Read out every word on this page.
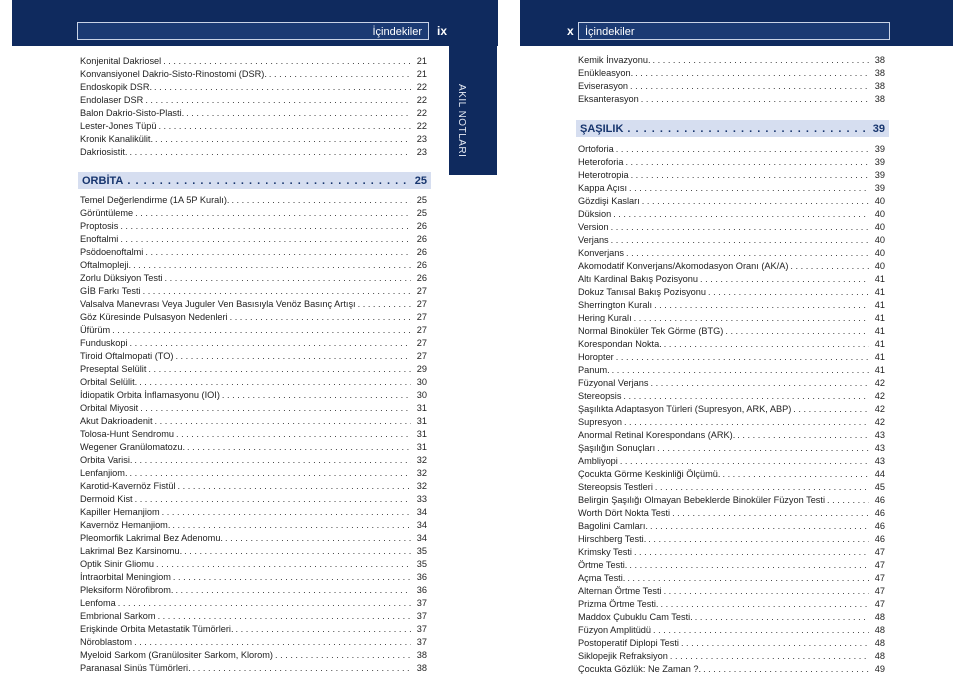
İçindekiler	ix
AKIL NOTLARI
Konjenital Dakriosel . . .	21
Konvansiyonel Dakrio-Sisto-Rinostomi (DSR). . . .	21
Endoskopik DSR. . . .	22
Endolaser DSR . . .	22
Balon Dakrio-Sisto-Plasti. . . .	22
Lester-Jones Tüpü . . .	22
Kronik Kanalikülit. . . .	23
Dakriosistit. . . .	23
ORBİTA . . .	25
Temel Değerlendirme (1A 5P Kuralı). . . .	25
Görüntüleme . . .	25
Proptosis . . .	26
Enoftalmi . . .	26
Psödoenoftalmi . . .	26
Oftalmopleji. . . .	26
Zorlu Düksiyon Testi . . .	26
GİB Farkı Testi . . .	27
Valsalva Manevrası Veya Juguler Ven Basısıyla Venöz Basınç Artışı . . .	27
Göz Küresinde Pulsasyon Nedenleri . . .	27
Üfürüm . . .	27
Funduskopi . . .	27
Tiroid Oftalmopati (TO) . . .	27
Preseptal Selülit . . .	29
Orbital Selülit. . . .	30
İdiopatik Orbita İnflamasyonu (IOI) . . .	30
Orbital Miyosit . . .	31
Akut Dakrioadenit . . .	31
Tolosa-Hunt Sendromu . . .	31
Wegener Granülomatozu. . . .	31
Orbita Varisi. . . .	32
Lenfanjiom. . . .	32
Karotid-Kavernöz Fistül . . .	32
Dermoid Kist . . .	33
Kapiller Hemanjiom . . .	34
Kavernöz Hemanjiom. . . .	34
Pleomorfik Lakrimal Bez Adenomu. . . .	34
Lakrimal Bez Karsinomu. . . .	35
Optik Sinir Gliomu . . .	35
İntraorbital Meningiom . . .	36
Pleksiform Nörofibrom. . . .	36
Lenfoma . . .	37
Embrional Sarkom . . .	37
Erişkinde Orbita Metastatik Tümörleri. . . .	37
Nöroblastom . . .	37
Myeloid Sarkom (Granülositer Sarkom, Klorom) . . .	38
Paranasal Sinüs Tümörleri. . . .	38
x	İçindekiler
Kemik İnvazyonu. . . .	38
Enükleasyon. . . .	38
Eviserasyon . . .	38
Eksanterasyon . . .	38
ŞAŞILIK . . .	39
Ortoforia . . .	39
Heteroforia . . .	39
Heterotropia . . .	39
Kappa Açısı . . .	39
Gözdişi Kasları . . .	40
Düksion . . .	40
Version . . .	40
Verjans . . .	40
Konverjans . . .	40
Akomodatif Konverjans/Akomodasyon Oranı (AK/A) . . .	40
Altı Kardinal Bakış Pozisyonu . . .	41
Dokuz Tanısal Bakış Pozisyonu . . .	41
Sherrington Kuralı . . .	41
Hering Kuralı . . .	41
Normal Binoküler Tek Görme (BTG) . . .	41
Korespondan Nokta. . . .	41
Horopter . . .	41
Panum. . . .	41
Füzyonal Verjans . . .	42
Stereopsis . . .	42
Şaşılıkta Adaptasyon Türleri (Supresyon, ARK, ABP) . . .	42
Supresyon . . .	42
Anormal Retinal Korespondans (ARK). . . .	43
Şaşılığın Sonuçları . . .	43
Ambliyopi . . .	43
Çocukta Görme Keskinliği Ölçümü. . . .	44
Stereopsis Testleri . . .	45
Belirgin Şaşılığı Olmayan Bebeklerde Binoküler Füzyon Testi . . .	46
Worth Dört Nokta Testi . . .	46
Bagolini Camları. . . .	46
Hirschberg Testi. . . .	46
Krimsky Testi . . .	47
Örtme Testi. . . .	47
Açma Testi. . . .	47
Alternan Örtme Testi . . .	47
Prizma Örtme Testi. . . .	47
Maddox Çubuklu Cam Testi. . . .	48
Füzyon Amplitüdü . . .	48
Postoperatif Diplopi Testi . . .	48
Siklopejik Refraksiyon . . .	48
Çocukta Gözlük: Ne Zaman ?. . . .	49
